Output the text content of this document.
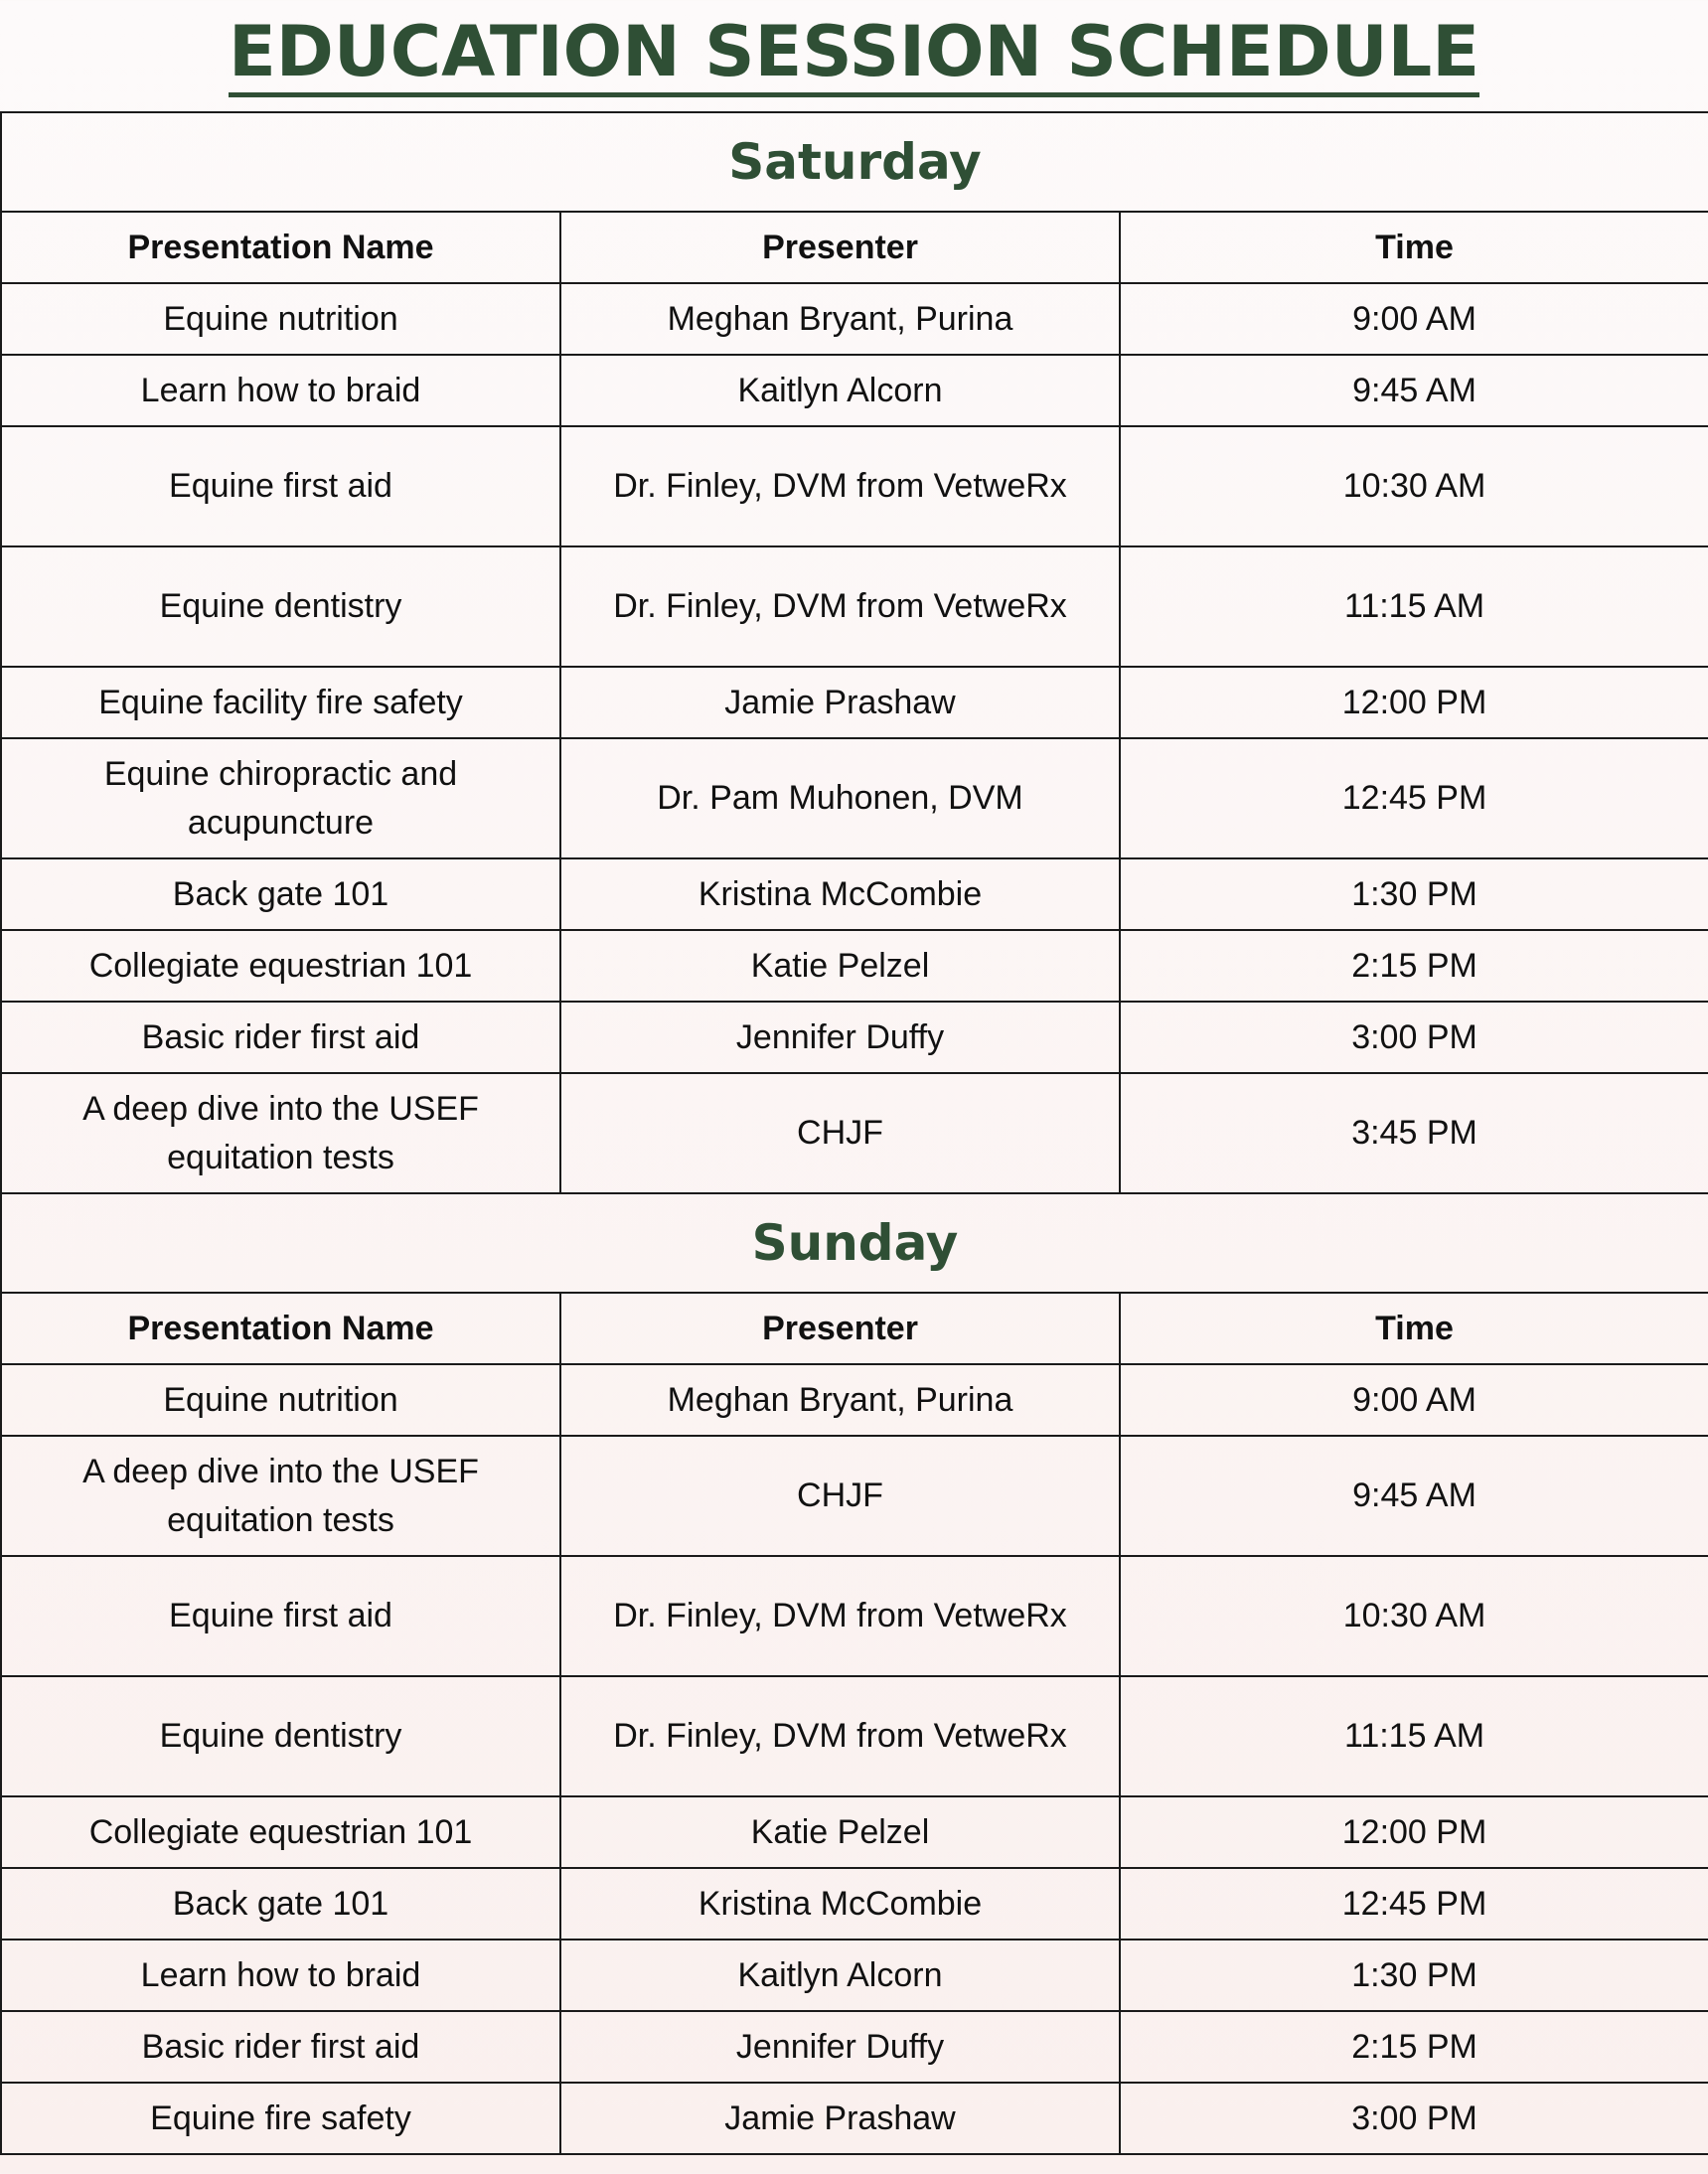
EDUCATION SESSION SCHEDULE
Saturday		
Presentation Name	Presenter	Time
Equine nutrition	Meghan Bryant, Purina	9:00 AM
Learn how to braid	Kaitlyn Alcorn	9:45 AM
Equine first aid	Dr. Finley, DVM from VetweRx	10:30 AM
Equine dentistry	Dr. Finley, DVM from VetweRx	11:15 AM
Equine facility fire safety	Jamie Prashaw	12:00 PM
Equine chiropractic and acupuncture	Dr. Pam Muhonen, DVM	12:45 PM
Back gate 101	Kristina McCombie	1:30 PM
Collegiate equestrian 101	Katie Pelzel	2:15 PM
Basic rider first aid	Jennifer Duffy	3:00 PM
A deep dive into the USEF equitation tests	CHJF	3:45 PM
Sunday		
Presentation Name	Presenter	Time
Equine nutrition	Meghan Bryant, Purina	9:00 AM
A deep dive into the USEF equitation tests	CHJF	9:45 AM
Equine first aid	Dr. Finley, DVM from VetweRx	10:30 AM
Equine dentistry	Dr. Finley, DVM from VetweRx	11:15 AM
Collegiate equestrian 101	Katie Pelzel	12:00 PM
Back gate 101	Kristina McCombie	12:45 PM
Learn how to braid	Kaitlyn Alcorn	1:30 PM
Basic rider first aid	Jennifer Duffy	2:15 PM
Equine fire safety	Jamie Prashaw	3:00 PM
